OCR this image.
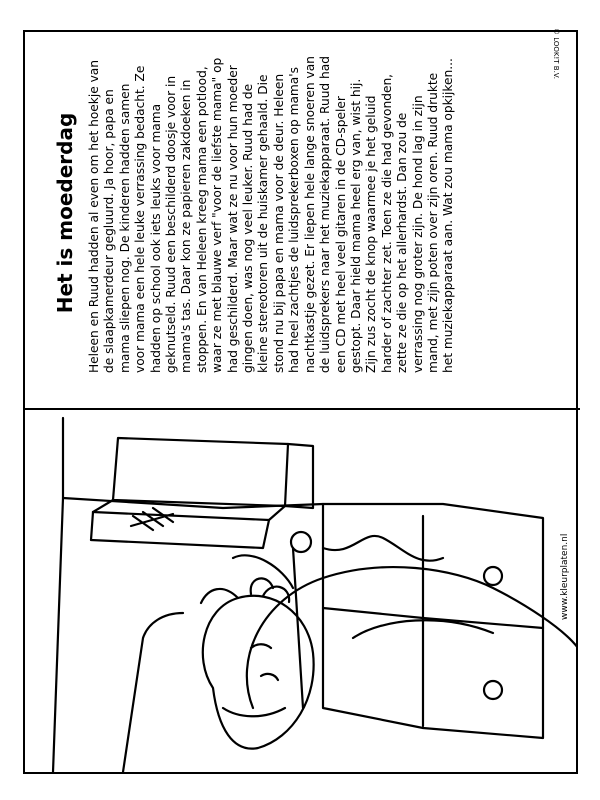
© LOOK!T B.V.
Het is moederdag Heleen en Ruud hadden al even om het hoekje van de slaapkamerdeur gegluurd. Ja hoor, papa en mama sliepen nog. De kinderen hadden samen voor mama een hele leuke verrassing bedacht. Ze hadden op school ook iets leuks voor mama geknutseld. Ruud een beschilderd doosje voor in mama's tas. Daar kon ze papieren zakdoeken in stoppen. En van Heleen kreeg mama een potlood, waar ze met blauwe verf "voor de liefste mama" op had geschilderd. Maar wat ze nu voor hun moeder gingen doen, was nog veel leuker. Ruud had de kleine stereotoren uit de huiskamer gehaald. Die stond nu bij papa en mama voor de deur. Heleen had heel zachtjes de luidsprekerboxen op mama's nachtkastje gezet. Er liepen hele lange snoeren van de luidsprekers naar het muziekapparaat. Ruud had een CD met heel veel gitaren in de CD-speler gestopt. Daar hield mama heel erg van, wist hij. Zijn zus zocht de knop waarmee je het geluid harder of zachter zet. Toen ze die had gevonden, zette ze die op het allerhardst. Dan zou de verrassing nog groter zijn. De hond lag in zijn mand, met zijn poten over zijn oren. Ruud drukte het muziekapparaat aan. Wat zou mama opkijken...

www.kleurplaten.nl
